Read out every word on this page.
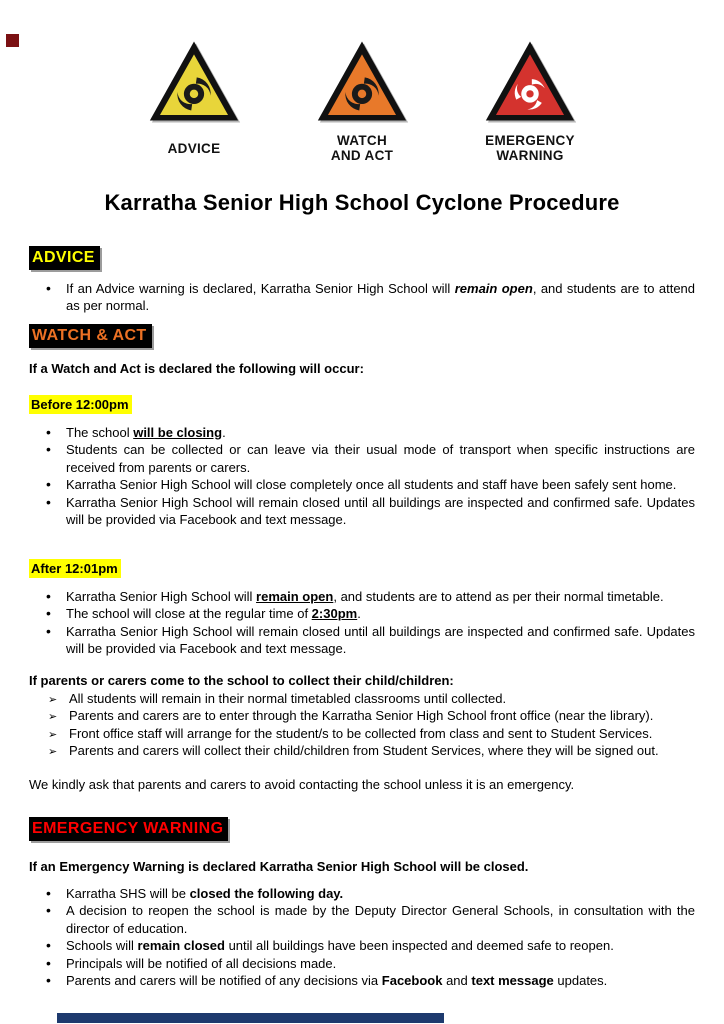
ADVICE	WATCH
AND ACT
EMERGENCY
WARNING
Karratha Senior High School Cyclone Procedure
ADVICE
• If an Advice warning is declared, Karratha Senior High School will remain open, and students are to attend as per normal.
WATCH & ACT

If a Watch and Act is declared the following will occur:

Before 12:00pm
• The school will be closing.
• Students can be collected or can leave via their usual mode of transport when specific instructions are received from parents or carers.
• Karratha Senior High School will close completely once all students and staff have been safely sent home.
• Karratha Senior High School will remain closed until all buildings are inspected and confirmed safe. Updates will be provided via Facebook and text message.
After 12:01pm
• Karratha Senior High School will remain open, and students are to attend as per their normal timetable.
• The school will close at the regular time of 2:30pm.
• Karratha Senior High School will remain closed until all buildings are inspected and confirmed safe. Updates will be provided via Facebook and text message.

If parents or carers come to the school to collect their child/children:

➢ All students will remain in their normal timetabled classrooms until collected.
➢ Parents and carers are to enter through the Karratha Senior High School front office (near the library).
➢ Front office staff will arrange for the student/s to be collected from class and sent to Student Services.
➢ Parents and carers will collect their child/children from Student Services, where they will be signed out.

We kindly ask that parents and carers to avoid contacting the school unless it is an emergency.

EMERGENCY WARNING

If an Emergency Warning is declared Karratha Senior High School will be closed.

• Karratha SHS will be closed the following day.
• A decision to reopen the school is made by the Deputy Director General Schools, in consultation with the director of education.
• Schools will remain closed until all buildings have been inspected and deemed safe to reopen.
• Principals will be notified of all decisions made.
• Parents and carers will be notified of any decisions via Facebook and text message updates.
